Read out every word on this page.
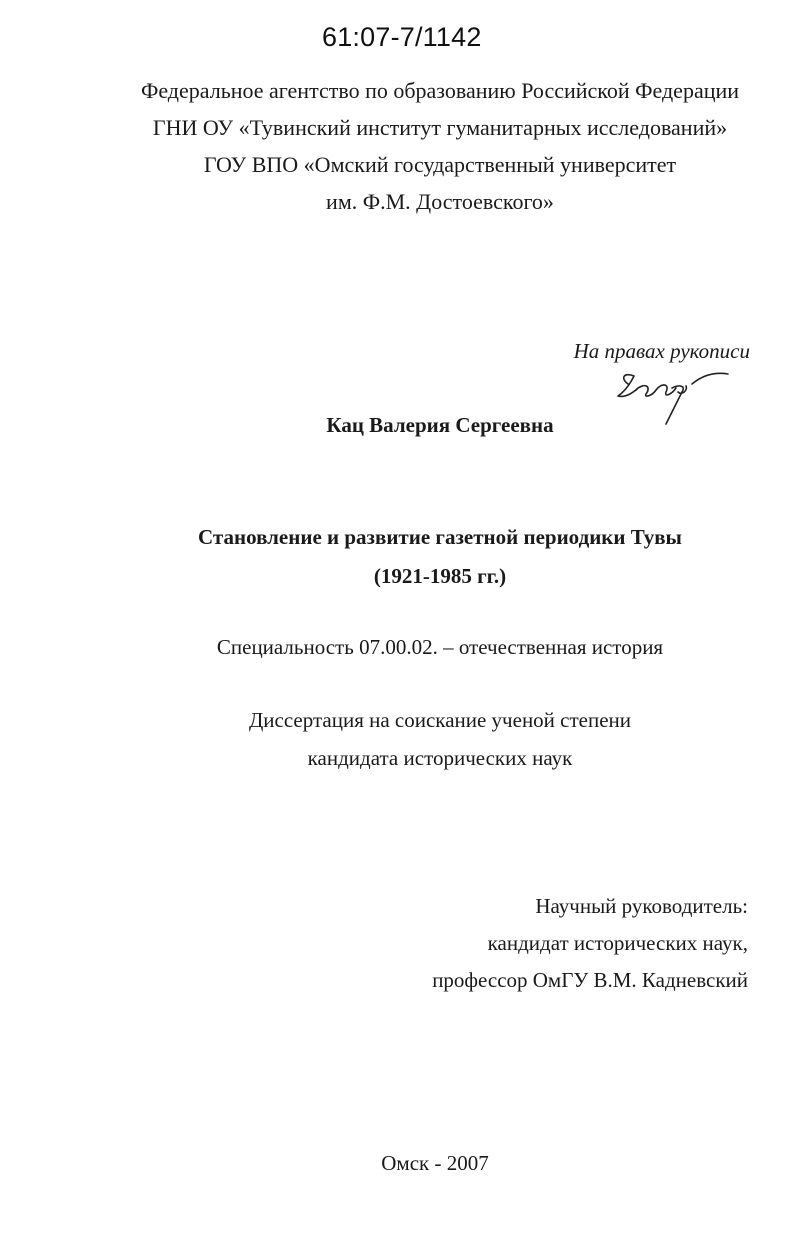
61:07-7/1142
Федеральное агентство по образованию Российской Федерации
ГНИ ОУ «Тувинский институт гуманитарных исследований»
ГОУ ВПО «Омский государственный университет
им. Ф.М. Достоевского»
На правах рукописи
Кац Валерия Сергеевна
Становление и развитие газетной периодики Тувы
(1921-1985 гг.)
Специальность 07.00.02. – отечественная история
Диссертация на соискание ученой степени
кандидата исторических наук
Научный руководитель:
кандидат исторических наук,
профессор ОмГУ В.М. Кадневский
Омск - 2007
